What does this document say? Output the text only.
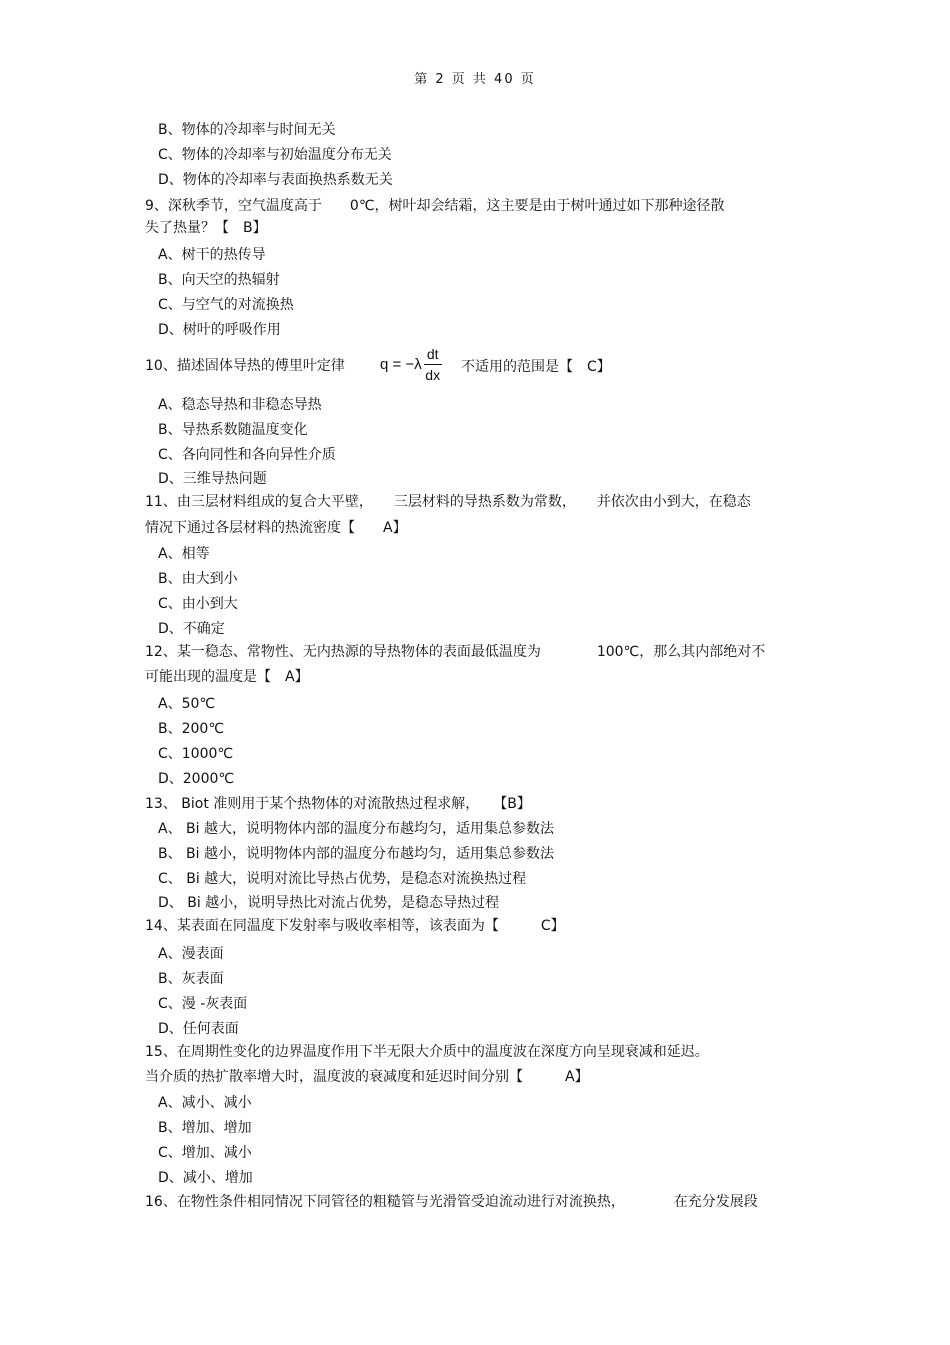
第 2 页 共 40 页
B、物体的冷却率与时间无关
C、物体的冷却率与初始温度分布无关
D、物体的冷却率与表面换热系数无关
9、深秋季节，空气温度高于　　0℃，树叶却会结霜，这主要是由于树叶通过如下那种途径散
失了热量？【　B】
A、树干的热传导
B、向天空的热辐射
C、与空气的对流换热
D、树叶的呼吸作用
10、描述固体导热的傅里叶定律 $q = -\lambda \frac{dt}{dx}$ 不适用的范围是【　C】
A、稳态导热和非稳态导热
B、导热系数随温度变化
C、各向同性和各向异性介质
D、三维导热问题
11、由三层材料组成的复合大平壁，　　三层材料的导热系数为常数，　　并依次由小到大，在稳态
情况下通过各层材料的热流密度【　　A】
A、相等
B、由大到小
C、由小到大
D、不确定
12、某一稳态、常物性、无内热源的导热物体的表面最低温度为　　　　100℃，那么其内部绝对不
可能出现的温度是【　A】
A、50℃
B、200℃
C、1000℃
D、2000℃
13、 Biot 准则用于某个热物体的对流散热过程求解，　　【B】
A、 Bi 越大，说明物体内部的温度分布越均匀，适用集总参数法
B、 Bi 越小，说明物体内部的温度分布越均匀，适用集总参数法
C、 Bi 越大，说明对流比导热占优势，是稳态对流换热过程
D、 Bi 越小，说明导热比对流占优势，是稳态导热过程
14、某表面在同温度下发射率与吸收率相等，该表面为【　　　C】
A、漫表面
B、灰表面
C、漫 -灰表面
D、任何表面
15、在周期性变化的边界温度作用下半无限大介质中的温度波在深度方向呈现衰减和延迟。
当介质的热扩散率增大时，温度波的衰减度和延迟时间分别【　　　A】
A、减小、减小
B、增加、增加
C、增加、减小
D、减小、增加
16、在物性条件相同情况下同管径的粗糙管与光滑管受迫流动进行对流换热，　　　　在充分发展段
